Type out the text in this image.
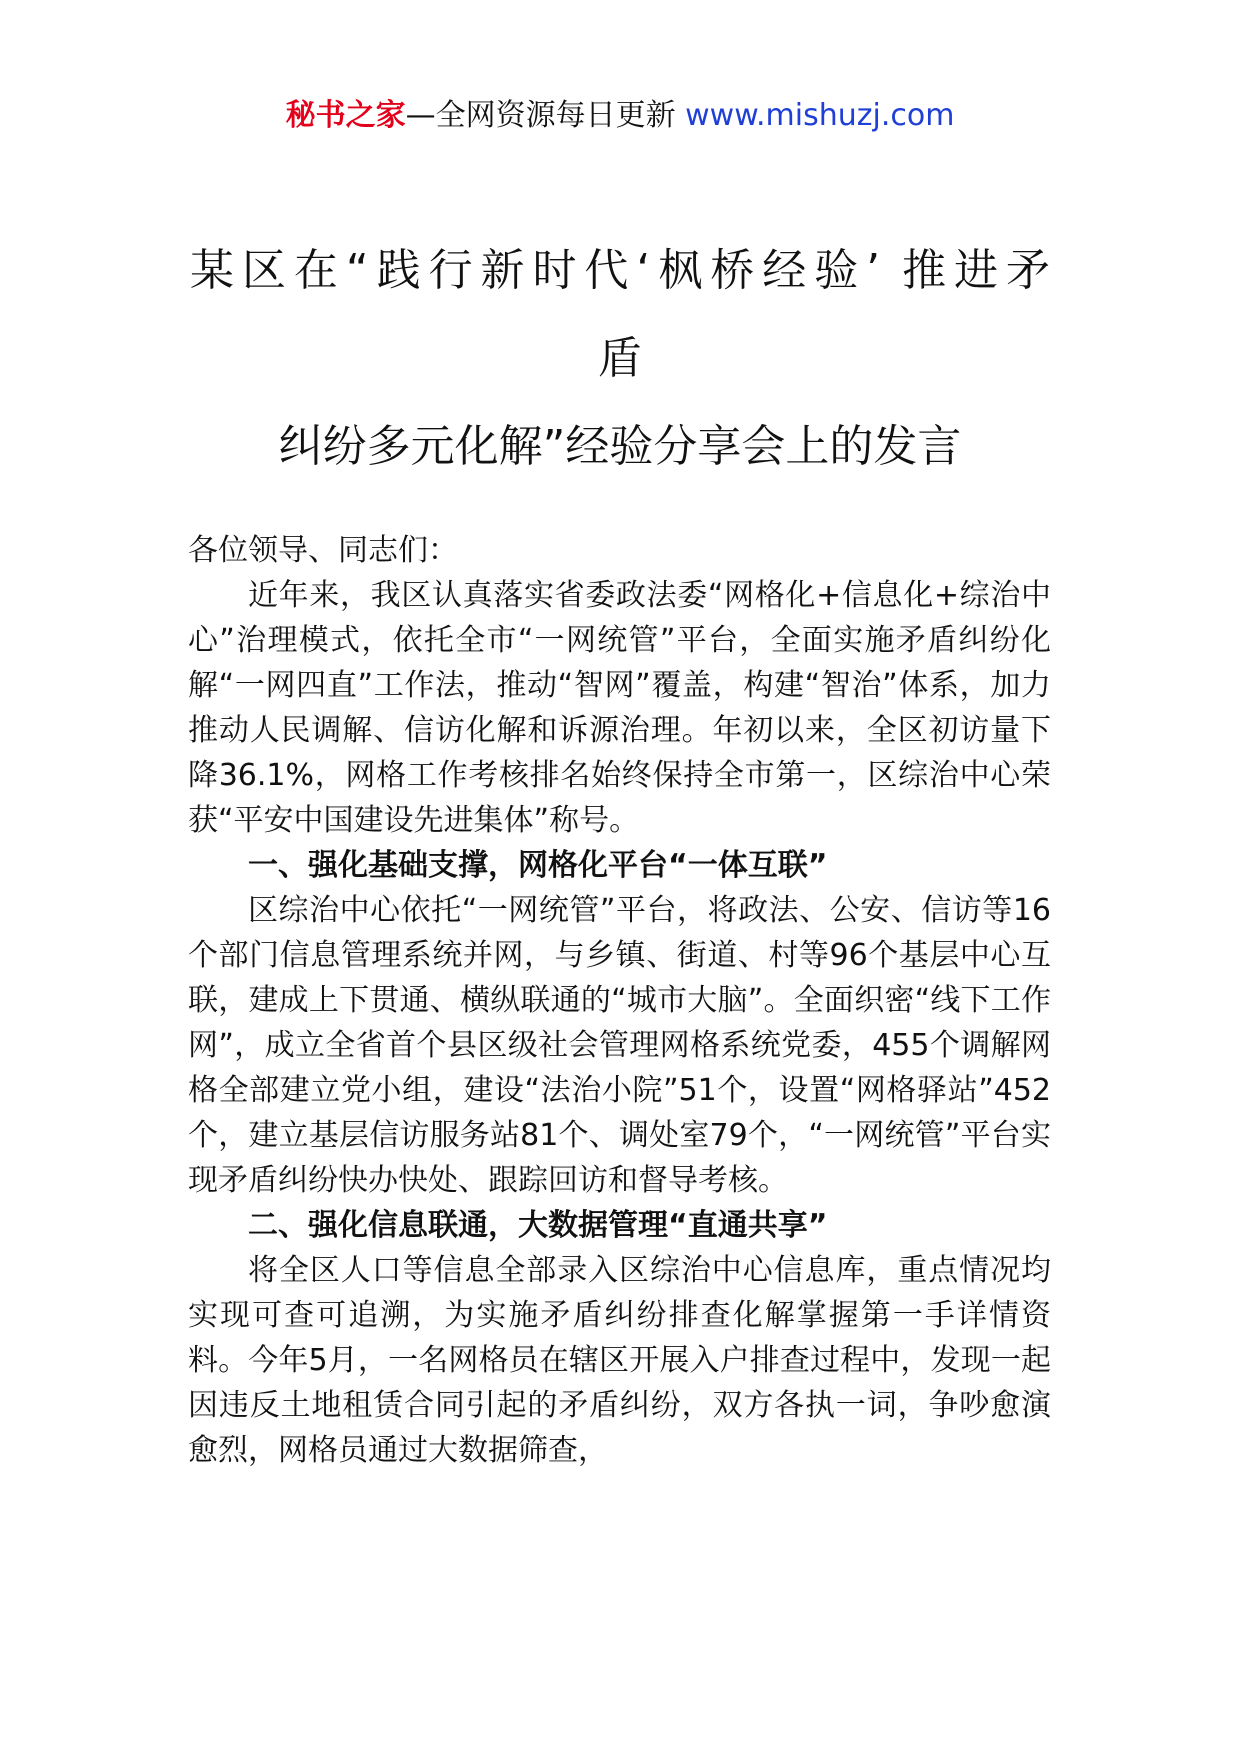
秘书之家—全网资源每日更新 www.mishuzj.com
某区在“践行新时代‘枫桥经验’ 推进矛
盾
纠纷多元化解”经验分享会上的发言

各位领导、同志们：

近年来，我区认真落实省委政法委“网格化+信息化+综治中心”治理模式，依托全市“一网统管”平台，全面实施矛盾纠纷化解“一网四直”工作法，推动“智网”覆盖，构建“智治”体系，加力推动人民调解、信访化解和诉源治理。年初以来，全区初访量下降36.1%，网格工作考核排名始终保持全市第一，区综治中心荣获“平安中国建设先进集体”称号。

一、强化基础支撑，网格化平台“一体互联”

区综治中心依托“一网统管”平台，将政法、公安、信访等16个部门信息管理系统并网，与乡镇、街道、村等96个基层中心互联，建成上下贯通、横纵联通的“城市大脑”。全面织密“线下工作网”，成立全省首个县区级社会管理网格系统党委，455个调解网格全部建立党小组，建设“法治小院”51个，设置“网格驿站”452个，建立基层信访服务站81个、调处室79个，“一网统管”平台实现矛盾纠纷快办快处、跟踪回访和督导考核。

二、强化信息联通，大数据管理“直通共享”

将全区人口等信息全部录入区综治中心信息库，重点情况均实现可查可追溯，为实施矛盾纠纷排查化解掌握第一手详情资料。今年5月，一名网格员在辖区开展入户排查过程中，发现一起因违反土地租赁合同引起的矛盾纠纷，双方各执一词，争吵愈演愈烈，网格员通过大数据筛查，
